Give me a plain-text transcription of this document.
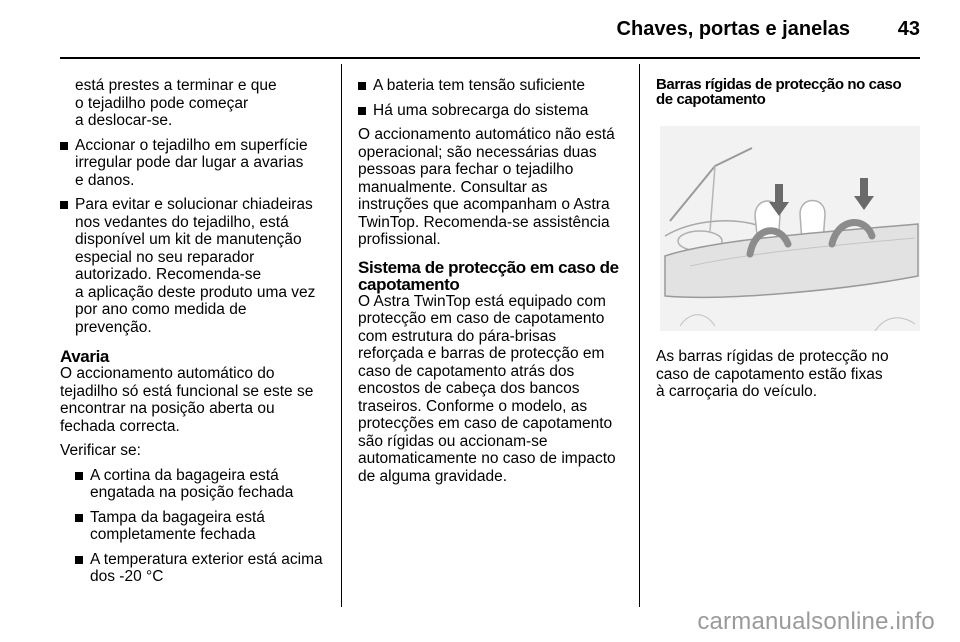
Chaves, portas e janelas	43
está prestes a terminar e que
o tejadilho pode começar
a deslocar-se.
Accionar o tejadilho em superfície
irregular pode dar lugar a avarias
e danos.
Para evitar e solucionar chiadeiras
nos vedantes do tejadilho, está
disponível um kit de manutenção
especial no seu reparador
autorizado. Recomenda-se
a aplicação deste produto uma vez
por ano como medida de
prevenção.
Avaria

O accionamento automático do
tejadilho só está funcional se este se
encontrar na posição aberta ou
fechada correcta.

Verificar se:

A cortina da bagageira está
engatada na posição fechada
Tampa da bagageira está
completamente fechada
A temperatura exterior está acima
dos -20 °C
A bateria tem tensão suficiente
Há uma sobrecarga do sistema

O accionamento automático não está
operacional; são necessárias duas
pessoas para fechar o tejadilho
manualmente. Consultar as
instruções que acompanham o Astra
TwinTop. Recomenda-se assistência
profissional.

Sistema de protecção em caso de
capotamento

O Astra TwinTop está equipado com
protecção em caso de capotamento
com estrutura do pára-brisas
reforçada e barras de protecção em
caso de capotamento atrás dos
encostos de cabeça dos bancos
traseiros. Conforme o modelo, as
protecções em caso de capotamento
são rígidas ou accionam-se
automaticamente no caso de impacto
de alguma gravidade.

Barras rígidas de protecção no caso
de capotamento

As barras rígidas de protecção no
caso de capotamento estão fixas
à carroçaria do veículo.

carmanualsonline.info
